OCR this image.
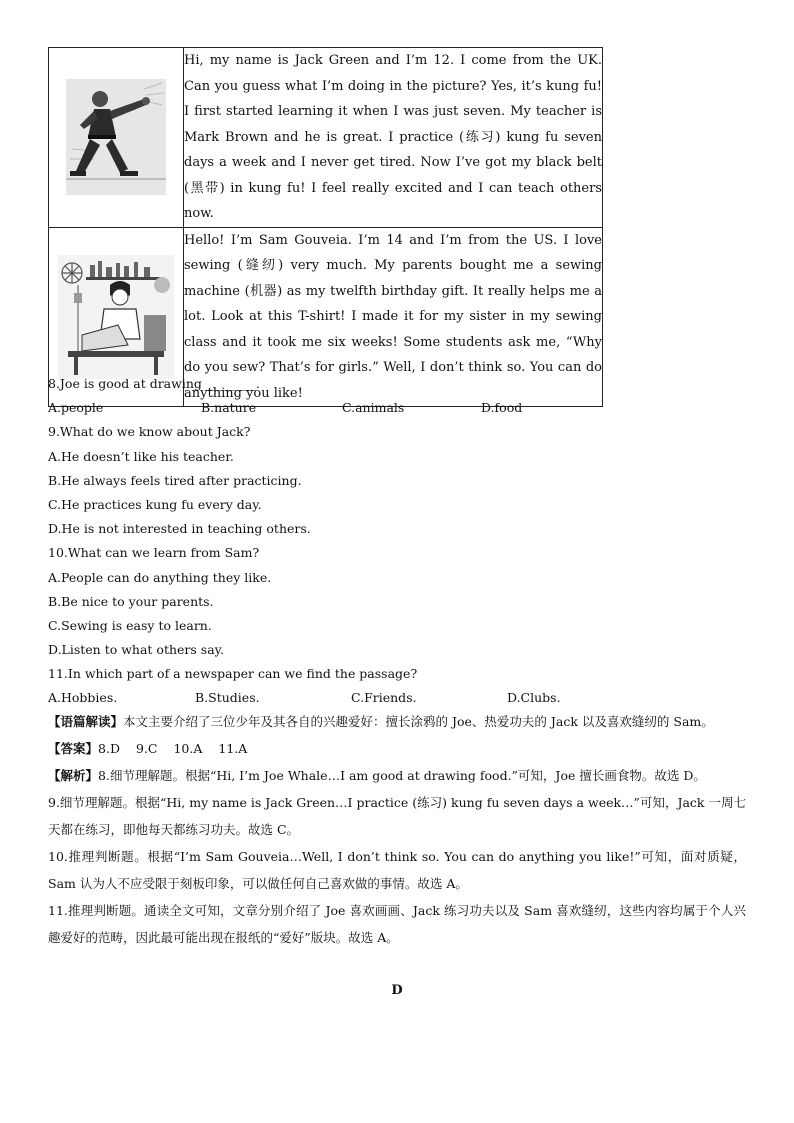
Hi, my name is Jack Green and I’m 12. I come from the UK. Can you guess what I’m doing in the picture? Yes, it’s kung fu! I first started learning it when I was just seven. My teacher is Mark Brown and he is great. I practice (练习) kung fu seven days a week and I never get tired. Now I’ve got my black belt (黑带) in kung fu! I feel really excited and I can teach others now.

Hello! I’m Sam Gouveia. I’m 14 and I’m from the US. I love sewing (缝纫) very much. My parents bought me a sewing machine (机器) as my twelfth birthday gift. It really helps me a lot. Look at this T-shirt! I made it for my sister in my sewing class and it took me six weeks! Some students ask me, “Why do you sew? That’s for girls.” Well, I don’t think so. You can do anything you like!

8.Joe is good at drawing ________.
A.people	B.nature	C.animals	D.food
9.What do we know about Jack?
A.He doesn’t like his teacher.
B.He always feels tired after practicing.
C.He practices kung fu every day.
D.He is not interested in teaching others.
10.What can we learn from Sam?
A.People can do anything they like.
B.Be nice to your parents.
C.Sewing is easy to learn.
D.Listen to what others say.
11.In which part of a newspaper can we find the passage?
A.Hobbies.	B.Studies.	C.Friends.	D.Clubs.

【语篇解读】本文主要介绍了三位少年及其各自的兴趣爱好：擅长涂鸦的 Joe、热爱功夫的 Jack 以及喜欢缝纫的 Sam。

【答案】8.D 9.C 10.A 11.A

【解析】8.细节理解题。根据“Hi, I’m Joe Whale…I am good at drawing food.”可知，Joe 擅长画食物。故选 D。

9.细节理解题。根据“Hi, my name is Jack Green…I practice (练习) kung fu seven days a week…”可知，Jack 一周七天都在练习，即他每天都练习功夫。故选 C。

10.推理判断题。根据“I’m Sam Gouveia…Well, I don’t think so. You can do anything you like!”可知，面对质疑，Sam 认为人不应受限于刻板印象，可以做任何自己喜欢做的事情。故选 A。

11.推理判断题。通读全文可知，文章分别介绍了 Joe 喜欢画画、Jack 练习功夫以及 Sam 喜欢缝纫，这些内容均属于个人兴趣爱好的范畴，因此最可能出现在报纸的“爱好”版块。故选 A。

D
